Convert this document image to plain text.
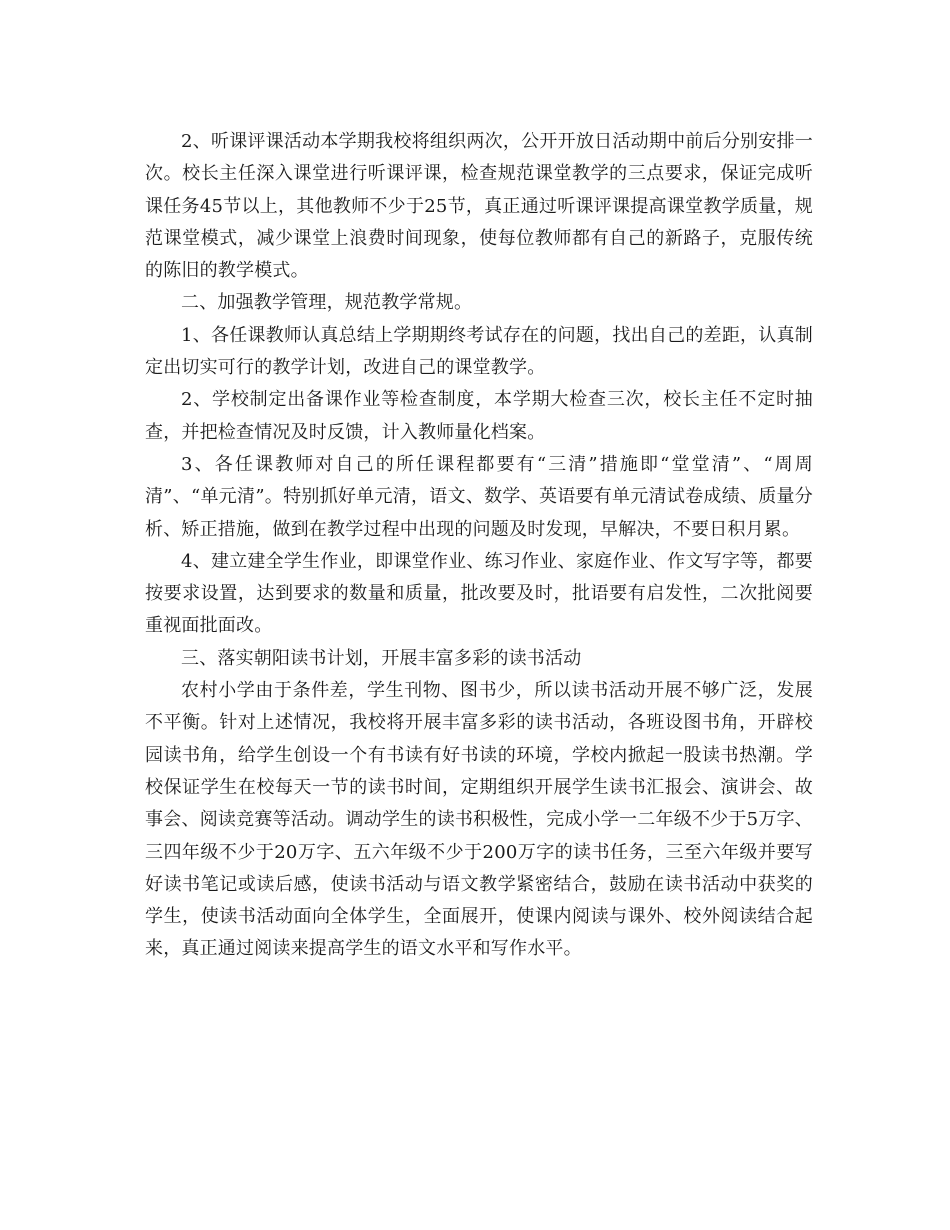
2、听课评课活动本学期我校将组织两次，公开开放日活动期中前后分别安排一次。校长主任深入课堂进行听课评课，检查规范课堂教学的三点要求，保证完成听课任务45节以上，其他教师不少于25节，真正通过听课评课提高课堂教学质量，规范课堂模式，减少课堂上浪费时间现象，使每位教师都有自己的新路子，克服传统的陈旧的教学模式。

二、加强教学管理，规范教学常规。

1、各任课教师认真总结上学期期终考试存在的问题，找出自己的差距，认真制定出切实可行的教学计划，改进自己的课堂教学。

2、学校制定出备课作业等检查制度，本学期大检查三次，校长主任不定时抽查，并把检查情况及时反馈，计入教师量化档案。

3、各任课教师对自己的所任课程都要有“三清”措施即“堂堂清”、“周周清”、“单元清”。特别抓好单元清，语文、数学、英语要有单元清试卷成绩、质量分析、矫正措施，做到在教学过程中出现的问题及时发现，早解决，不要日积月累。

4、建立建全学生作业，即课堂作业、练习作业、家庭作业、作文写字等，都要按要求设置，达到要求的数量和质量，批改要及时，批语要有启发性，二次批阅要重视面批面改。

三、落实朝阳读书计划，开展丰富多彩的读书活动

农村小学由于条件差，学生刊物、图书少，所以读书活动开展不够广泛，发展不平衡。针对上述情况，我校将开展丰富多彩的读书活动，各班设图书角，开辟校园读书角，给学生创设一个有书读有好书读的环境，学校内掀起一股读书热潮。学校保证学生在校每天一节的读书时间，定期组织开展学生读书汇报会、演讲会、故事会、阅读竞赛等活动。调动学生的读书积极性，完成小学一二年级不少于5万字、三四年级不少于20万字、五六年级不少于200万字的读书任务，三至六年级并要写好读书笔记或读后感，使读书活动与语文教学紧密结合，鼓励在读书活动中获奖的学生，使读书活动面向全体学生，全面展开，使课内阅读与课外、校外阅读结合起来，真正通过阅读来提高学生的语文水平和写作水平。
